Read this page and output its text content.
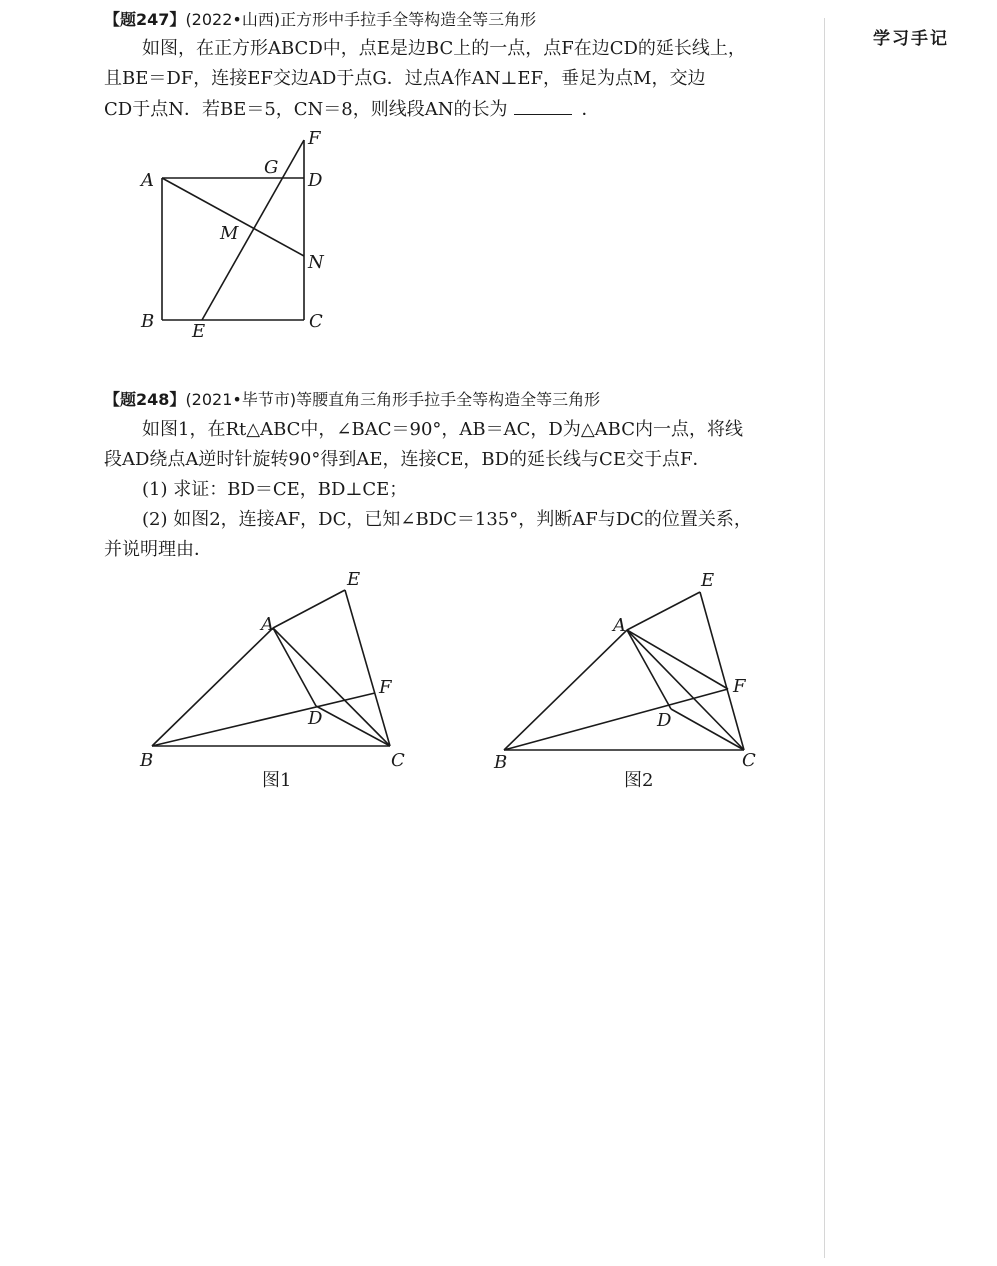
学习手记
【题247】(2022•山西)正方形中手拉手全等构造全等三角形
如图，在正方形ABCD中，点E是边BC上的一点，点F在边CD的延长线上，
且BE＝DF，连接EF交边AD于点G．过点A作AN⊥EF，垂足为点M，交边
CD于点N．若BE＝5，CN＝8，则线段AN的长为	．
A
G
D
F
M
N
B E	C
【题248】(2021•毕节市)等腰直角三角形手拉手全等构造全等三角形
如图1，在Rt△ABC中，∠BAC＝90°，AB＝AC，D为△ABC内一点，将线
段AD绕点A逆时针旋转90°得到AE，连接CE，BD的延长线与CE交于点F．
(1) 求证：BD＝CE，BD⊥CE；
(2) 如图2，连接AF，DC，已知∠BDC＝135°，判断AF与DC的位置关系，
并说明理由．
A
E
F
D
B	C
图1
A
E
F
D
B	C
图2
